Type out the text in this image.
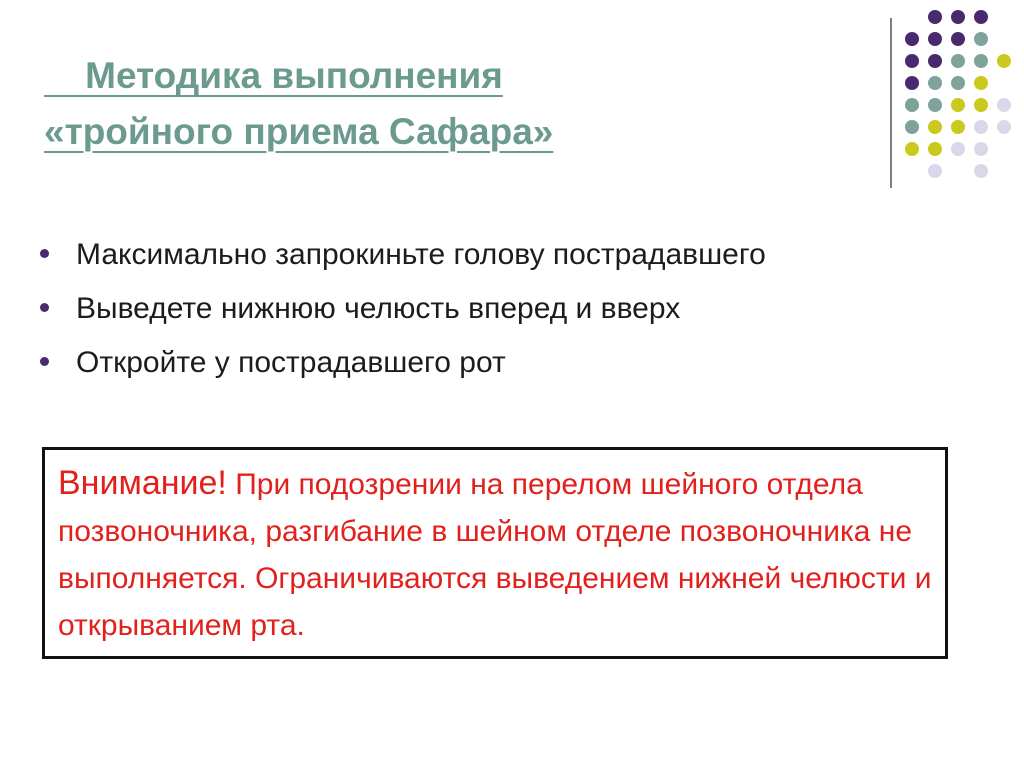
Методика выполнения
«тройного приема Сафара»
Максимально запрокиньте голову пострадавшего
Выведете нижнюю челюсть вперед и вверх
Откройте у пострадавшего рот
Внимание! При подозрении на перелом шейного отдела позвоночника, разгибание в шейном отделе позвоночника не выполняется. Ограничиваются выведением нижней челюсти и открыванием рта.
